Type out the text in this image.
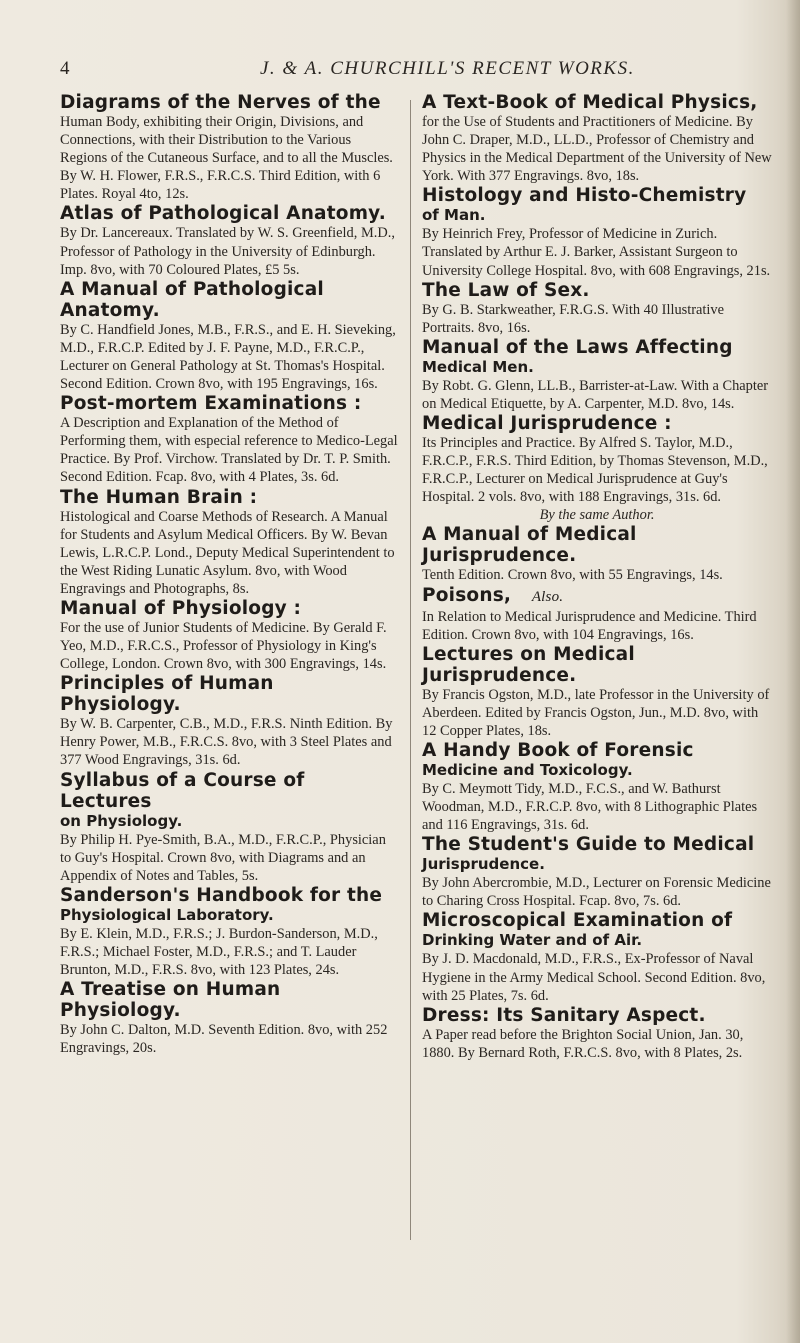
4	J. & A. CHURCHILL'S RECENT WORKS.
Diagrams of the Nerves of the
Human Body, exhibiting their Origin, Divisions, and Connections, with their Distribution to the Various Regions of the Cutaneous Surface, and to all the Muscles. By W. H. Flower, F.R.S., F.R.C.S. Third Edition, with 6 Plates. Royal 4to, 12s.
Atlas of Pathological Anatomy.
By Dr. Lancereaux. Translated by W. S. Greenfield, M.D., Professor of Pathology in the University of Edinburgh. Imp. 8vo, with 70 Coloured Plates, £5 5s.
A Manual of Pathological Anatomy.
By C. Handfield Jones, M.B., F.R.S., and E. H. Sieveking, M.D., F.R.C.P. Edited by J. F. Payne, M.D., F.R.C.P., Lecturer on General Pathology at St. Thomas's Hospital. Second Edition. Crown 8vo, with 195 Engravings, 16s.
Post-mortem Examinations :
A Description and Explanation of the Method of Performing them, with especial reference to Medico-Legal Practice. By Prof. Virchow. Translated by Dr. T. P. Smith. Second Edition. Fcap. 8vo, with 4 Plates, 3s. 6d.
The Human Brain :
Histological and Coarse Methods of Research. A Manual for Students and Asylum Medical Officers. By W. Bevan Lewis, L.R.C.P. Lond., Deputy Medical Superintendent to the West Riding Lunatic Asylum. 8vo, with Wood Engravings and Photographs, 8s.
Manual of Physiology :
For the use of Junior Students of Medicine. By Gerald F. Yeo, M.D., F.R.C.S., Professor of Physiology in King's College, London. Crown 8vo, with 300 Engravings, 14s.
Principles of Human Physiology.
By W. B. Carpenter, C.B., M.D., F.R.S. Ninth Edition. By Henry Power, M.B., F.R.C.S. 8vo, with 3 Steel Plates and 377 Wood Engravings, 31s. 6d.
Syllabus of a Course of Lectures
on Physiology.
By Philip H. Pye-Smith, B.A., M.D., F.R.C.P., Physician to Guy's Hospital. Crown 8vo, with Diagrams and an Appendix of Notes and Tables, 5s.
Sanderson's Handbook for the
Physiological Laboratory.
By E. Klein, M.D., F.R.S.; J. Burdon-Sanderson, M.D., F.R.S.; Michael Foster, M.D., F.R.S.; and T. Lauder Brunton, M.D., F.R.S. 8vo, with 123 Plates, 24s.
A Treatise on Human Physiology.
By John C. Dalton, M.D. Seventh Edition. 8vo, with 252 Engravings, 20s.
A Text-Book of Medical Physics,
for the Use of Students and Practitioners of Medicine. By John C. Draper, M.D., LL.D., Professor of Chemistry and Physics in the Medical Department of the University of New York. With 377 Engravings. 8vo, 18s.
Histology and Histo-Chemistry
of Man.
By Heinrich Frey, Professor of Medicine in Zurich. Translated by Arthur E. J. Barker, Assistant Surgeon to University College Hospital. 8vo, with 608 Engravings, 21s.
The Law of Sex.
By G. B. Starkweather, F.R.G.S. With 40 Illustrative Portraits. 8vo, 16s.
Manual of the Laws Affecting
Medical Men.
By Robt. G. Glenn, LL.B., Barrister-at-Law. With a Chapter on Medical Etiquette, by A. Carpenter, M.D. 8vo, 14s.
Medical Jurisprudence :
Its Principles and Practice. By Alfred S. Taylor, M.D., F.R.C.P., F.R.S. Third Edition, by Thomas Stevenson, M.D., F.R.C.P., Lecturer on Medical Jurisprudence at Guy's Hospital. 2 vols. 8vo, with 188 Engravings, 31s. 6d.
By the same Author.
A Manual of Medical Jurisprudence.
Tenth Edition. Crown 8vo, with 55 Engravings, 14s.
Poisons, Also.
In Relation to Medical Jurisprudence and Medicine. Third Edition. Crown 8vo, with 104 Engravings, 16s.
Lectures on Medical Jurisprudence.
By Francis Ogston, M.D., late Professor in the University of Aberdeen. Edited by Francis Ogston, Jun., M.D. 8vo, with 12 Copper Plates, 18s.
A Handy Book of Forensic
Medicine and Toxicology.
By C. Meymott Tidy, M.D., F.C.S., and W. Bathurst Woodman, M.D., F.R.C.P. 8vo, with 8 Lithographic Plates and 116 Engravings, 31s. 6d.
The Student's Guide to Medical
Jurisprudence.
By John Abercrombie, M.D., Lecturer on Forensic Medicine to Charing Cross Hospital. Fcap. 8vo, 7s. 6d.
Microscopical Examination of
Drinking Water and of Air.
By J. D. Macdonald, M.D., F.R.S., Ex-Professor of Naval Hygiene in the Army Medical School. Second Edition. 8vo, with 25 Plates, 7s. 6d.
Dress: Its Sanitary Aspect.
A Paper read before the Brighton Social Union, Jan. 30, 1880. By Bernard Roth, F.R.C.S. 8vo, with 8 Plates, 2s.
